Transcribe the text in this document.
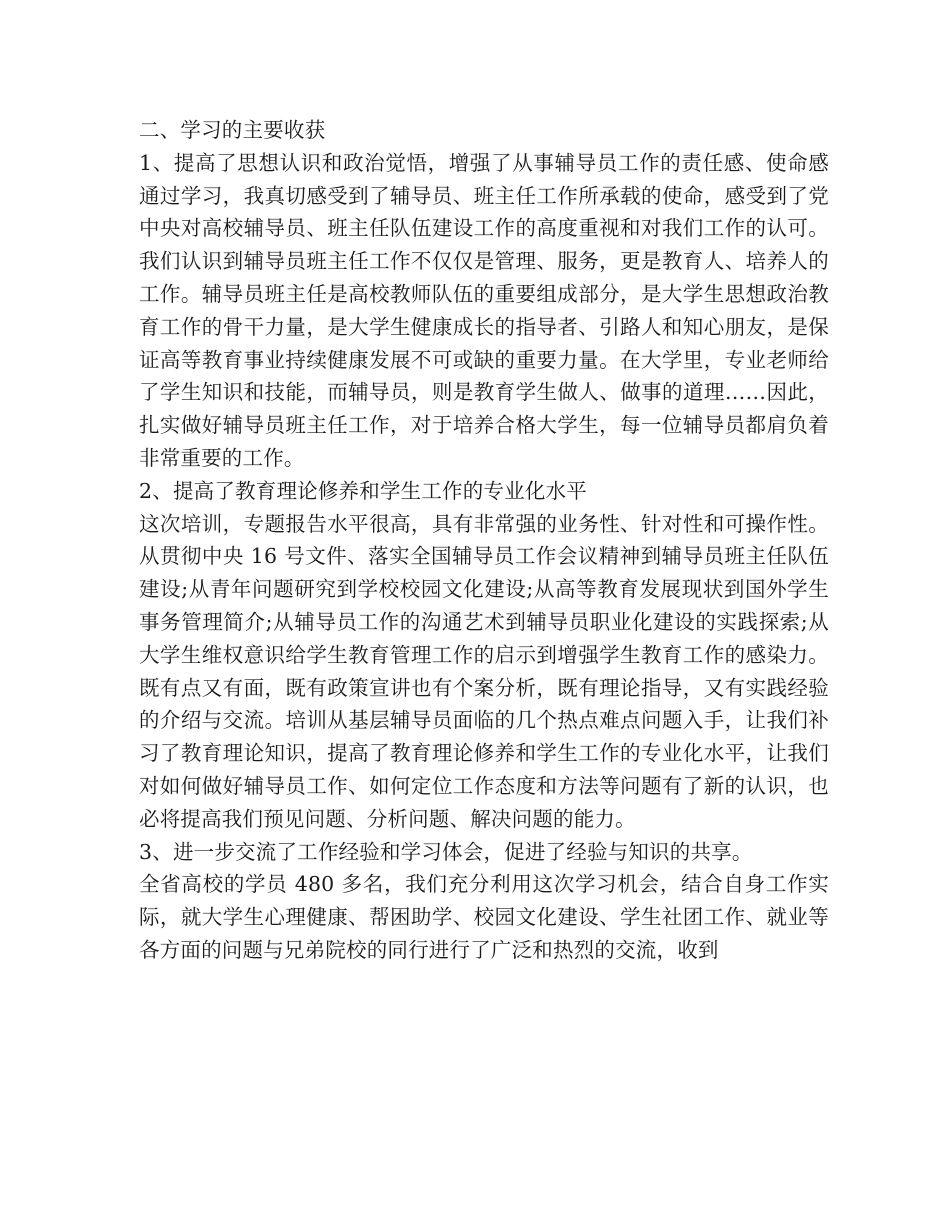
二、学习的主要收获

1、提高了思想认识和政治觉悟，增强了从事辅导员工作的责任感、使命感通过学习，我真切感受到了辅导员、班主任工作所承载的使命，感受到了党中央对高校辅导员、班主任队伍建设工作的高度重视和对我们工作的认可。我们认识到辅导员班主任工作不仅仅是管理、服务，更是教育人、培养人的工作。辅导员班主任是高校教师队伍的重要组成部分，是大学生思想政治教育工作的骨干力量，是大学生健康成长的指导者、引路人和知心朋友，是保证高等教育事业持续健康发展不可或缺的重要力量。在大学里，专业老师给了学生知识和技能，而辅导员，则是教育学生做人、做事的道理……因此，扎实做好辅导员班主任工作，对于培养合格大学生，每一位辅导员都肩负着非常重要的工作。

2、提高了教育理论修养和学生工作的专业化水平

这次培训，专题报告水平很高，具有非常强的业务性、针对性和可操作性。从贯彻中央 16 号文件、落实全国辅导员工作会议精神到辅导员班主任队伍建设;从青年问题研究到学校校园文化建设;从高等教育发展现状到国外学生事务管理简介;从辅导员工作的沟通艺术到辅导员职业化建设的实践探索;从大学生维权意识给学生教育管理工作的启示到增强学生教育工作的感染力。既有点又有面，既有政策宣讲也有个案分析，既有理论指导，又有实践经验的介绍与交流。培训从基层辅导员面临的几个热点难点问题入手，让我们补习了教育理论知识，提高了教育理论修养和学生工作的专业化水平，让我们对如何做好辅导员工作、如何定位工作态度和方法等问题有了新的认识，也必将提高我们预见问题、分析问题、解决问题的能力。

3、进一步交流了工作经验和学习体会，促进了经验与知识的共享。

全省高校的学员 480 多名，我们充分利用这次学习机会，结合自身工作实际，就大学生心理健康、帮困助学、校园文化建设、学生社团工作、就业等各方面的问题与兄弟院校的同行进行了广泛和热烈的交流，收到
